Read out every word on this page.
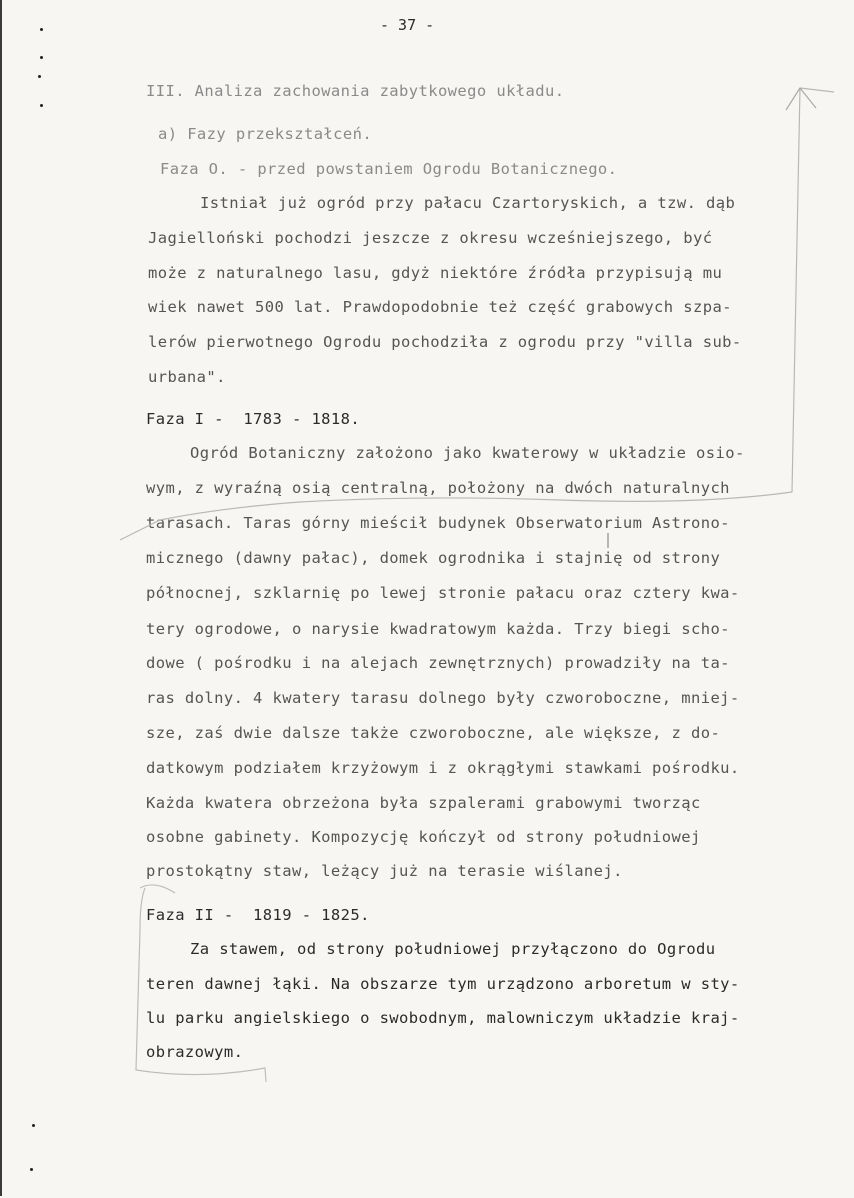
- 37 -
III. Analiza zachowania zabytkowego układu.
a) Fazy przekształceń.
Faza O. - przed powstaniem Ogrodu Botanicznego.
Istniał już ogród przy pałacu Czartoryskich, a tzw. dąb
Jagielloński pochodzi jeszcze z okresu wcześniejszego, być
może z naturalnego lasu, gdyż niektóre źródła przypisują mu
wiek nawet 500 lat. Prawdopodobnie też część grabowych szpa-
lerów pierwotnego Ogrodu pochodziła z ogrodu przy "villa sub-
urbana".
Faza I -  1783 - 1818.
Ogród Botaniczny założono jako kwaterowy w układzie osio-
wym, z wyraźną osią centralną, położony na dwóch naturalnych
tarasach. Taras górny mieścił budynek Obserwatorium Astrono-
micznego (dawny pałac), domek ogrodnika i stajnię od strony
północnej, szklarnię po lewej stronie pałacu oraz cztery kwa-
tery ogrodowe, o narysie kwadratowym każda. Trzy biegi scho-
dowe ( pośrodku i na alejach zewnętrznych) prowadziły na ta-
ras dolny. 4 kwatery tarasu dolnego były czworoboczne, mniej-
sze, zaś dwie dalsze także czworoboczne, ale większe, z do-
datkowym podziałem krzyżowym i z okrągłymi stawkami pośrodku.
Każda kwatera obrzeżona była szpalerami grabowymi tworząc
osobne gabinety. Kompozycję kończył od strony południowej
prostokątny staw, leżący już na terasie wiślanej.
Faza II -  1819 - 1825.
Za stawem, od strony południowej przyłączono do Ogrodu
teren dawnej łąki. Na obszarze tym urządzono arboretum w sty-
lu parku angielskiego o swobodnym, malowniczym układzie kraj-
obrazowym.
